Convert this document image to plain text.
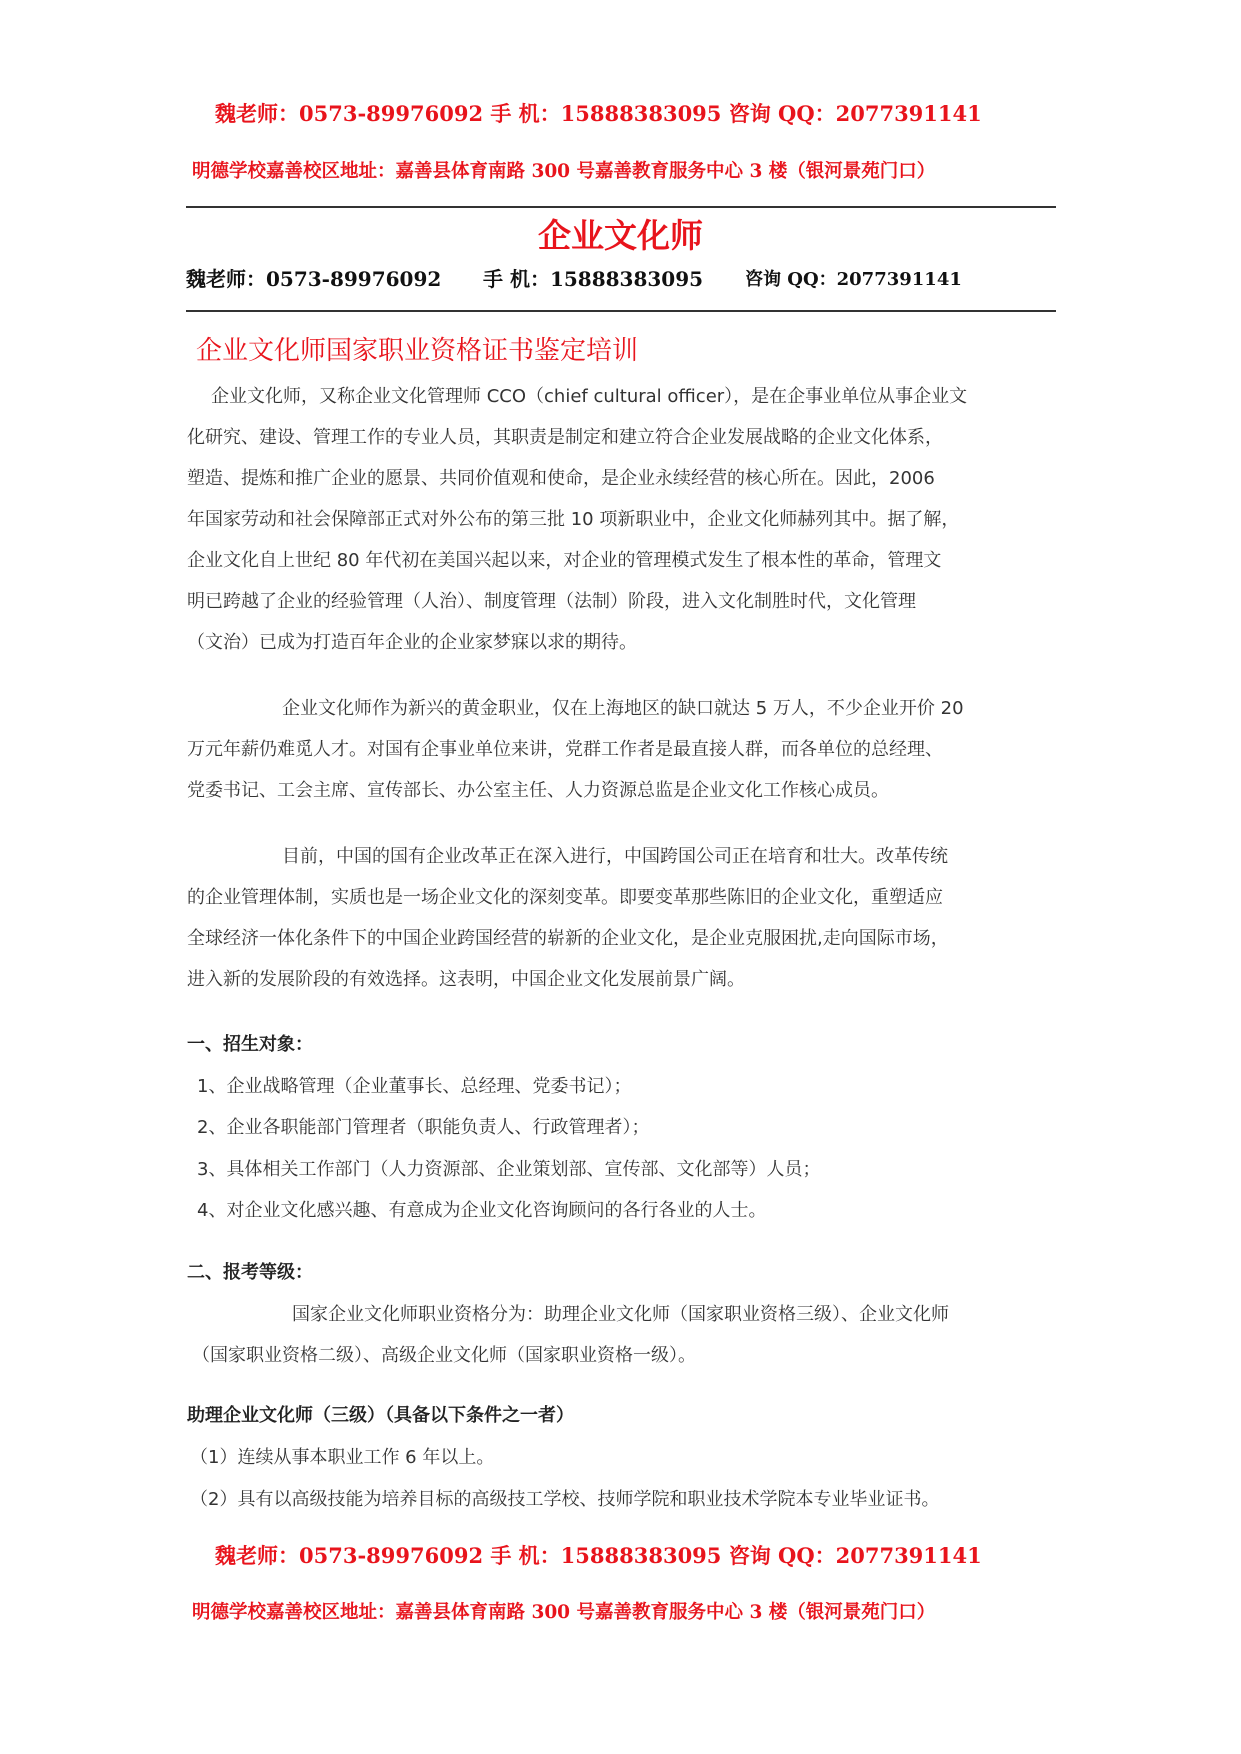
魏老师：0573-89976092 手 机：15888383095 咨询 QQ：2077391141
明德学校嘉善校区地址：嘉善县体育南路 300 号嘉善教育服务中心 3 楼（银河景苑门口）
企业文化师
魏老师：0573-89976092 手 机：15888383095 咨询 QQ：2077391141
企业文化师国家职业资格证书鉴定培训
企业文化师，又称企业文化管理师 CCO（chief cultural officer），是在企事业单位从事企业文
化研究、建设、管理工作的专业人员，其职责是制定和建立符合企业发展战略的企业文化体系，
塑造、提炼和推广企业的愿景、共同价值观和使命，是企业永续经营的核心所在。因此，2006
年国家劳动和社会保障部正式对外公布的第三批 10 项新职业中，企业文化师赫列其中。据了解，
企业文化自上世纪 80 年代初在美国兴起以来，对企业的管理模式发生了根本性的革命，管理文
明已跨越了企业的经验管理（人治）、制度管理（法制）阶段，进入文化制胜时代，文化管理
（文治）已成为打造百年企业的企业家梦寐以求的期待。
企业文化师作为新兴的黄金职业，仅在上海地区的缺口就达 5 万人，不少企业开价 20
万元年薪仍难觅人才。对国有企事业单位来讲，党群工作者是最直接人群，而各单位的总经理、
党委书记、工会主席、宣传部长、办公室主任、人力资源总监是企业文化工作核心成员。
目前，中国的国有企业改革正在深入进行，中国跨国公司正在培育和壮大。改革传统
的企业管理体制，实质也是一场企业文化的深刻变革。即要变革那些陈旧的企业文化，重塑适应
全球经济一体化条件下的中国企业跨国经营的崭新的企业文化，是企业克服困扰,走向国际市场，
进入新的发展阶段的有效选择。这表明，中国企业文化发展前景广阔。
一、招生对象：
1、企业战略管理（企业董事长、总经理、党委书记）；
2、企业各职能部门管理者（职能负责人、行政管理者）；
3、具体相关工作部门（人力资源部、企业策划部、宣传部、文化部等）人员；
4、对企业文化感兴趣、有意成为企业文化咨询顾问的各行各业的人士。
二、报考等级：
国家企业文化师职业资格分为：助理企业文化师（国家职业资格三级）、企业文化师
（国家职业资格二级）、高级企业文化师（国家职业资格一级）。
助理企业文化师（三级）（具备以下条件之一者）
（1）连续从事本职业工作 6 年以上。
（2）具有以高级技能为培养目标的高级技工学校、技师学院和职业技术学院本专业毕业证书。
魏老师：0573-89976092 手 机：15888383095 咨询 QQ：2077391141
明德学校嘉善校区地址：嘉善县体育南路 300 号嘉善教育服务中心 3 楼（银河景苑门口）
